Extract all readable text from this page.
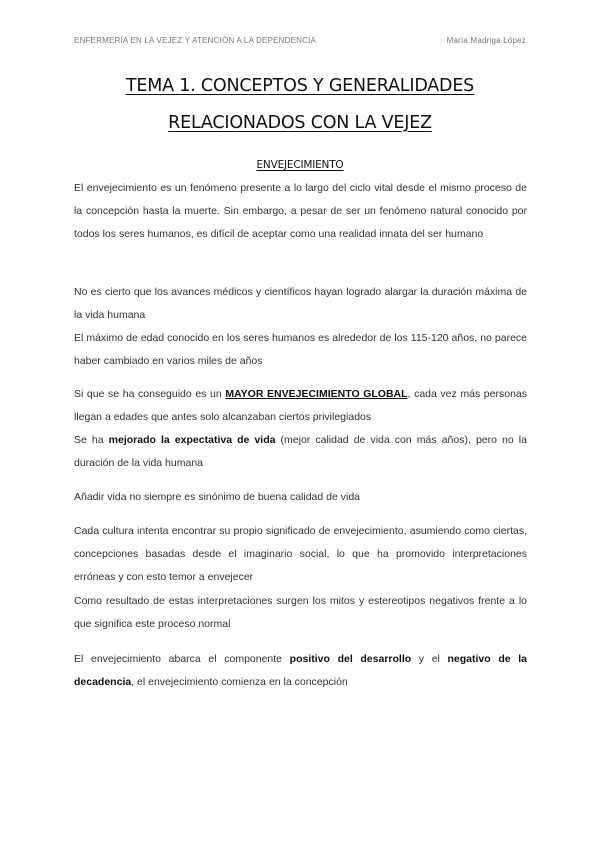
ENFERMERÍA EN LA VEJEZ Y ATENCIÓN A LA DEPENDENCIA	María Madriga López
TEMA 1. CONCEPTOS Y GENERALIDADES
RELACIONADOS CON LA VEJEZ
ENVEJECIMIENTO

El envejecimiento es un fenómeno presente a lo largo del ciclo vital desde el mismo proceso de la concepción hasta la muerte. Sin embargo, a pesar de ser un fenómeno natural conocido por todos los seres humanos, es difícil de aceptar como una realidad innata del ser humano

No es cierto que los avances médicos y científicos hayan logrado alargar la duración máxima de la vida humana

El máximo de edad conocido en los seres humanos es alrededor de los 115-120 años, no parece haber cambiado en varios miles de años

Si que se ha conseguido es un MAYOR ENVEJECIMIENTO GLOBAL, cada vez más personas llegan a edades que antes solo alcanzaban ciertos privilegiados

Se ha mejorado la expectativa de vida (mejor calidad de vida con más años), pero no la duración de la vida humana

Añadir vida no siempre es sinónimo de buena calidad de vida

Cada cultura intenta encontrar su propio significado de envejecimiento, asumiendo como ciertas, concepciones basadas desde el imaginario social, lo que ha promovido interpretaciones erróneas y con esto temor a envejecer

Como resultado de estas interpretaciones surgen los mitos y estereotipos negativos frente a lo que significa este proceso normal

El envejecimiento abarca el componente positivo del desarrollo y el negativo de la decadencia, el envejecimiento comienza en la concepción
